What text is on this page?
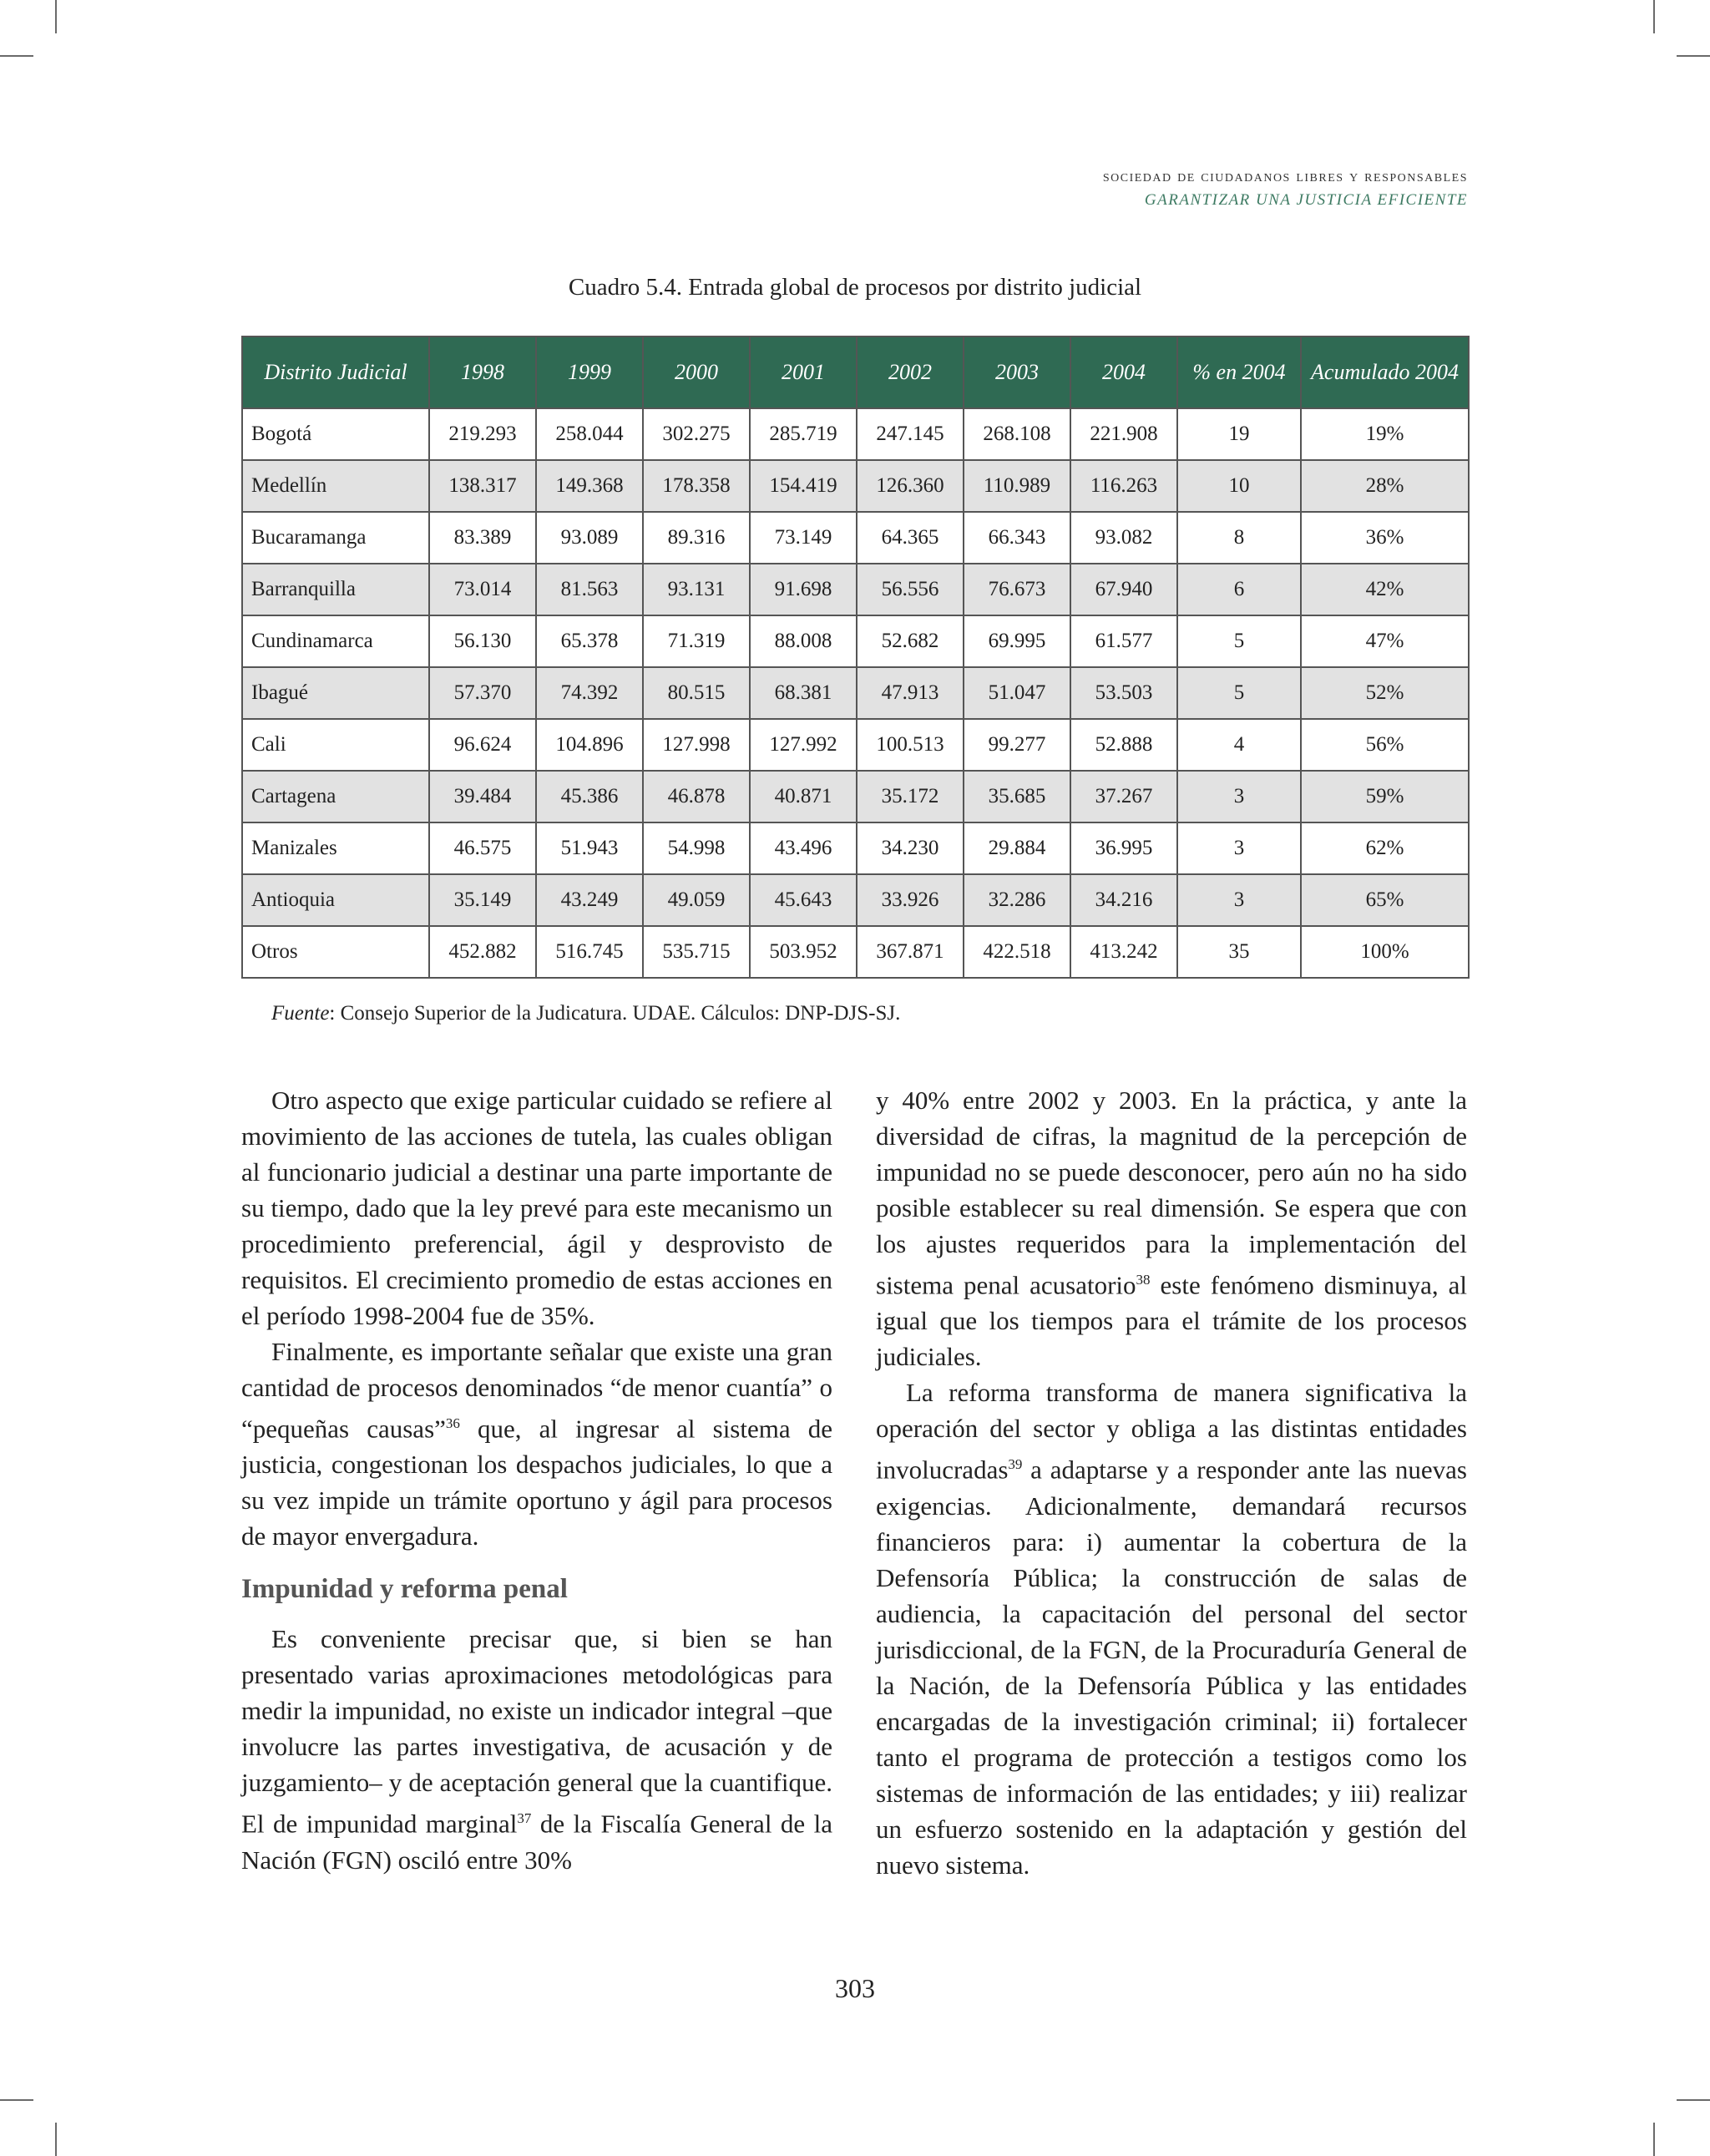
sociedad de ciudadanos libres y responsables
GARANTIZAR UNA JUSTICIA EFICIENTE
Cuadro 5.4. Entrada global de procesos por distrito judicial
Distrito Judicial	1998	1999	2000	2001	2002	2003	2004	% en 2004	Acumulado 2004
Bogotá	219.293	258.044	302.275	285.719	247.145	268.108	221.908	19	19%
Medellín	138.317	149.368	178.358	154.419	126.360	110.989	116.263	10	28%
Bucaramanga	83.389	93.089	89.316	73.149	64.365	66.343	93.082	8	36%
Barranquilla	73.014	81.563	93.131	91.698	56.556	76.673	67.940	6	42%
Cundinamarca	56.130	65.378	71.319	88.008	52.682	69.995	61.577	5	47%
Ibagué	57.370	74.392	80.515	68.381	47.913	51.047	53.503	5	52%
Cali	96.624	104.896	127.998	127.992	100.513	99.277	52.888	4	56%
Cartagena	39.484	45.386	46.878	40.871	35.172	35.685	37.267	3	59%
Manizales	46.575	51.943	54.998	43.496	34.230	29.884	36.995	3	62%
Antioquia	35.149	43.249	49.059	45.643	33.926	32.286	34.216	3	65%
Otros	452.882	516.745	535.715	503.952	367.871	422.518	413.242	35	100%
Fuente: Consejo Superior de la Judicatura. UDAE. Cálculos: DNP-DJS-SJ.

Otro aspecto que exige particular cuidado se refiere al movimiento de las acciones de tutela, las cuales obligan al funcionario judicial a destinar una parte importante de su tiempo, dado que la ley prevé para este mecanismo un procedimiento preferencial, ágil y desprovisto de requisitos. El crecimiento promedio de estas acciones en el período 1998-2004 fue de 35%.

Finalmente, es importante señalar que existe una gran cantidad de procesos denominados “de menor cuantía” o “pequeñas causas”$^{36}$ que, al ingresar al sistema de justicia, congestionan los despachos judiciales, lo que a su vez impide un trámite oportuno y ágil para procesos de mayor envergadura.

Impunidad y reforma penal

Es conveniente precisar que, si bien se han presentado varias aproximaciones metodológicas para medir la impunidad, no existe un indicador integral –que involucre las partes investigativa, de acusación y de juzgamiento– y de aceptación general que la cuantifique. El de impunidad marginal$^{37}$ de la Fiscalía General de la Nación (FGN) osciló entre 30%

y 40% entre 2002 y 2003. En la práctica, y ante la diversidad de cifras, la magnitud de la percepción de impunidad no se puede desconocer, pero aún no ha sido posible establecer su real dimensión. Se espera que con los ajustes requeridos para la implementación del sistema penal acusatorio$^{38}$ este fenómeno disminuya, al igual que los tiempos para el trámite de los procesos judiciales.

La reforma transforma de manera significativa la operación del sector y obliga a las distintas entidades involucradas$^{39}$ a adaptarse y a responder ante las nuevas exigencias. Adicionalmente, demandará recursos financieros para: i) aumentar la cobertura de la Defensoría Pública; la construcción de salas de audiencia, la capacitación del personal del sector jurisdiccional, de la FGN, de la Procuraduría General de la Nación, de la Defensoría Pública y las entidades encargadas de la investigación criminal; ii) fortalecer tanto el programa de protección a testigos como los sistemas de información de las entidades; y iii) realizar un esfuerzo sostenido en la adaptación y gestión del nuevo sistema.

303
